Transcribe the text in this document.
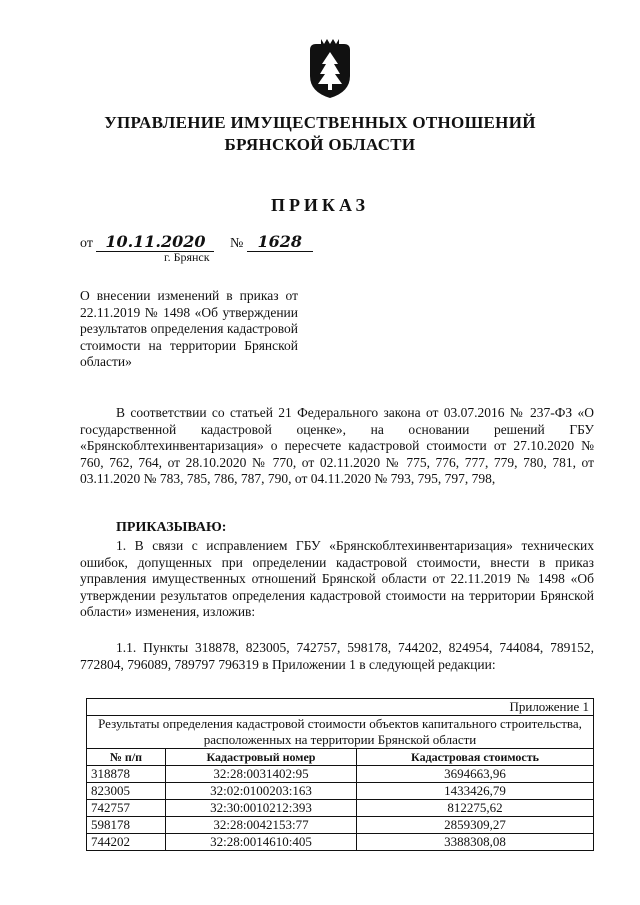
УПРАВЛЕНИЕ ИМУЩЕСТВЕННЫХ ОТНОШЕНИЙ
БРЯНСКОЙ ОБЛАСТИ
ПРИКАЗ
от 10.11.2020 № 1628
г. Брянск
О внесении изменений в приказ от 22.11.2019 № 1498 «Об утверждении результатов определения кадастровой стоимости на территории Брянской области»
В соответствии со статьей 21 Федерального закона от 03.07.2016 № 237-ФЗ «О государственной кадастровой оценке», на основании решений ГБУ «Брянскоблтехинвентаризация» о пересчете кадастровой стоимости от 27.10.2020 № 760, 762, 764, от 28.10.2020 № 770, от 02.11.2020 № 775, 776, 777, 779, 780, 781, от 03.11.2020 № 783, 785, 786, 787, 790, от 04.11.2020 № 793, 795, 797, 798,
ПРИКАЗЫВАЮ:
1. В связи с исправлением ГБУ «Брянскоблтехинвентаризация» технических ошибок, допущенных при определении кадастровой стоимости, внести в приказ управления имущественных отношений Брянской области от 22.11.2019 № 1498 «Об утверждении результатов определения кадастровой стоимости на территории Брянской области» изменения, изложив:
1.1. Пункты 318878, 823005, 742757, 598178, 744202, 824954, 744084, 789152, 772804, 796089, 789797 796319 в Приложении 1 в следующей редакции:
Приложение 1		
Результаты определения кадастровой стоимости объектов капитального строительства, расположенных на территории Брянской области		
№ п/п	Кадастровый номер	Кадастровая стоимость
318878	32:28:0031402:95	3694663,96
823005	32:02:0100203:163	1433426,79
742757	32:30:0010212:393	812275,62
598178	32:28:0042153:77	2859309,27
744202	32:28:0014610:405	3388308,08
